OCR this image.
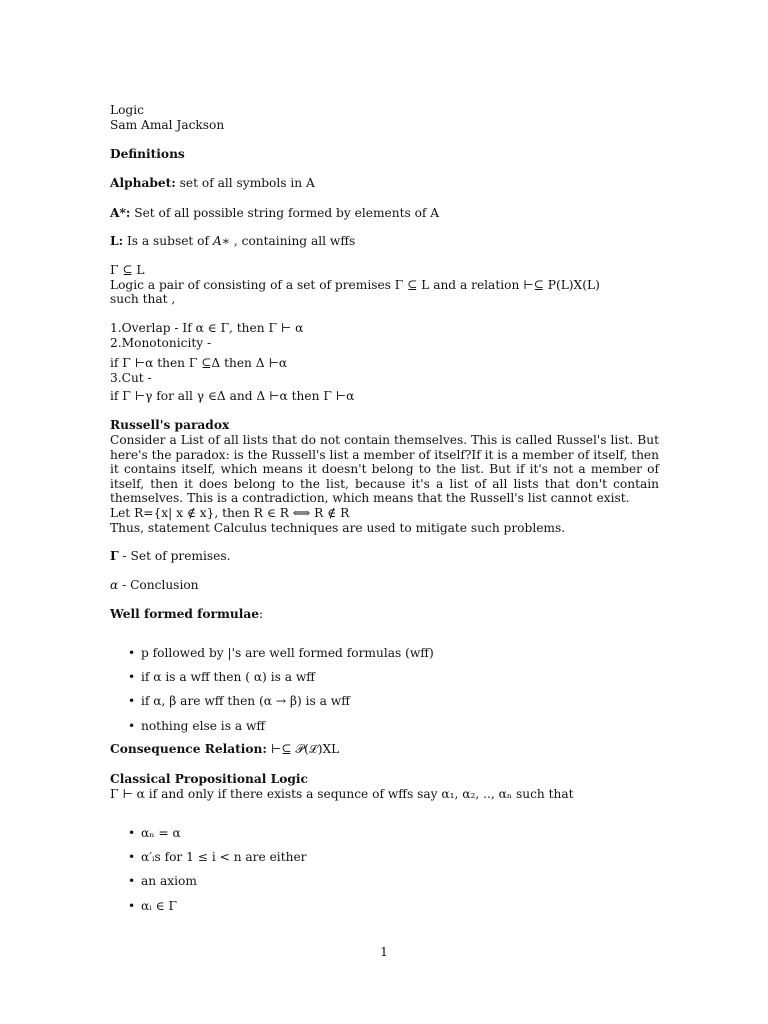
Logic
Sam Amal Jackson
Definitions
Alphabet: set of all symbols in A
A*: Set of all possible string formed by elements of A
L: Is a subset of A∗ , containing all wffs
Γ ⊆ L
Logic a pair of consisting of a set of premises Γ ⊆ L and a relation ⊢⊆ P(L)X(L)
such that ,
1.Overlap - If α ∈ Γ, then Γ ⊢ α
2.Monotonicity -
if Γ ⊢α then Γ ⊆Δ then Δ ⊢α
3.Cut -
if Γ ⊢γ for all γ ∈Δ and Δ ⊢α then Γ ⊢α
Russell's paradox
Consider a List of all lists that do not contain themselves. This is called Russel's list. But here's the paradox: is the Russell's list a member of itself?If it is a member of itself, then it contains itself, which means it doesn't belong to the list. But if it's not a member of itself, then it does belong to the list, because it's a list of all lists that don't contain themselves. This is a contradiction, which means that the Russell's list cannot exist.
Let R={x| x ∉ x}, then R ∈ R ⟺ R ∉ R
Thus, statement Calculus techniques are used to mitigate such problems.
Γ - Set of premises.
α - Conclusion
Well formed formulae:
• p followed by |'s are well formed formulas (wff)
• if α is a wff then ( α) is a wff
• if α, β are wff then (α → β) is a wff
• nothing else is a wff
Consequence Relation: ⊢⊆ 𝒫(ℒ)XL
Classical Propositional Logic
Γ ⊢ α if and only if there exists a sequnce of wffs say α₁, α₂, .., αₙ such that
• αₙ = α
• α′ᵢs for 1 ≤ i < n are either
• an axiom
• αᵢ ∈ Γ
1
